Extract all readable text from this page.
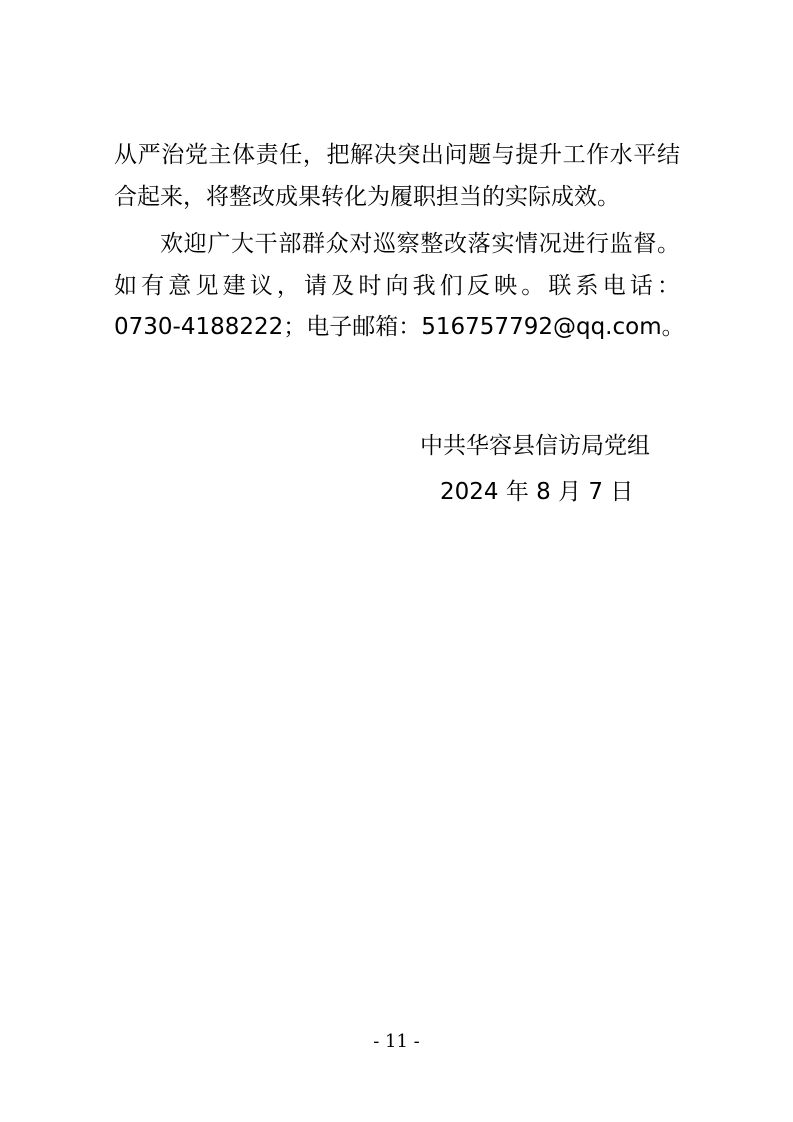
从严治党主体责任，把解决突出问题与提升工作水平结
合起来，将整改成果转化为履职担当的实际成效。
欢迎广大干部群众对巡察整改落实情况进行监督。
如有意见建议，请及时向我们反映。联系电话：
0730-4188222；电子邮箱：516757792@qq.com。
中共华容县信访局党组
2024 年 8 月 7 日
- 11 -
